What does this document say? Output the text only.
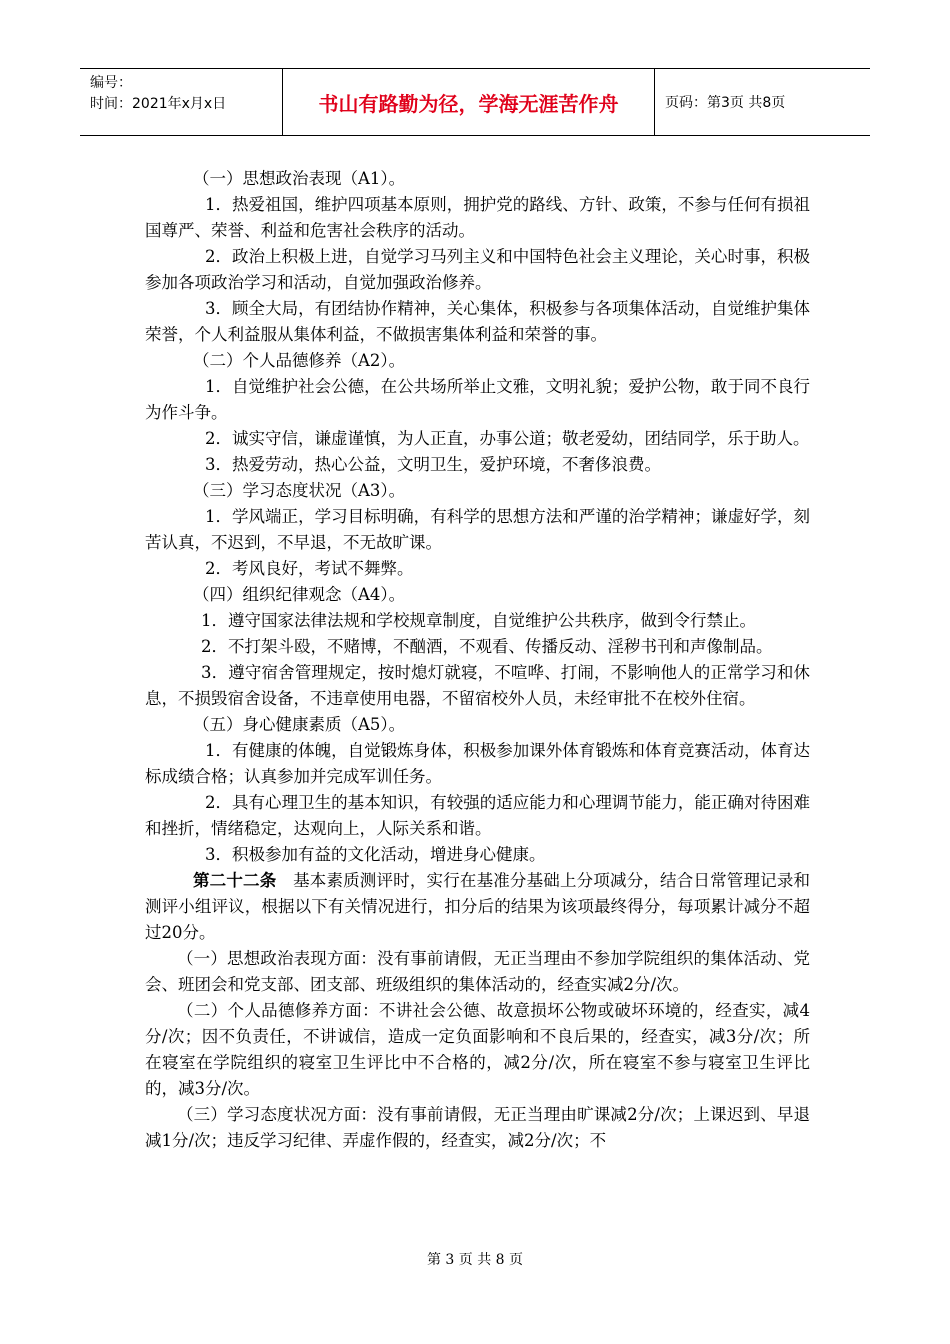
编号：
时间：2021年x月x日	书山有路勤为径，学海无涯苦作舟	页码：第3页 共8页

（一）思想政治表现（A1）。

1．热爱祖国，维护四项基本原则，拥护党的路线、方针、政策，不参与任何有损祖国尊严、荣誉、利益和危害社会秩序的活动。

2．政治上积极上进，自觉学习马列主义和中国特色社会主义理论，关心时事，积极参加各项政治学习和活动，自觉加强政治修养。

3．顾全大局，有团结协作精神，关心集体，积极参与各项集体活动，自觉维护集体荣誉，个人利益服从集体利益，不做损害集体利益和荣誉的事。

（二）个人品德修养（A2）。

1．自觉维护社会公德，在公共场所举止文雅，文明礼貌；爱护公物，敢于同不良行为作斗争。

2．诚实守信，谦虚谨慎，为人正直，办事公道；敬老爱幼，团结同学，乐于助人。

3．热爱劳动，热心公益，文明卫生，爱护环境，不奢侈浪费。

（三）学习态度状况（A3）。

1．学风端正，学习目标明确，有科学的思想方法和严谨的治学精神；谦虚好学，刻苦认真，不迟到，不早退，不无故旷课。

2．考风良好，考试不舞弊。

（四）组织纪律观念（A4）。

1．遵守国家法律法规和学校规章制度，自觉维护公共秩序，做到令行禁止。

2．不打架斗殴，不赌博，不酗酒，不观看、传播反动、淫秽书刊和声像制品。

3．遵守宿舍管理规定，按时熄灯就寝，不喧哗、打闹，不影响他人的正常学习和休息，不损毁宿舍设备，不违章使用电器，不留宿校外人员，未经审批不在校外住宿。

（五）身心健康素质（A5）。

1．有健康的体魄，自觉锻炼身体，积极参加课外体育锻炼和体育竞赛活动，体育达标成绩合格；认真参加并完成军训任务。

2．具有心理卫生的基本知识，有较强的适应能力和心理调节能力，能正确对待困难和挫折，情绪稳定，达观向上，人际关系和谐。

3．积极参加有益的文化活动，增进身心健康。

第二十二条　基本素质测评时，实行在基准分基础上分项减分，结合日常管理记录和测评小组评议，根据以下有关情况进行，扣分后的结果为该项最终得分，每项累计减分不超过20分。

（一）思想政治表现方面：没有事前请假，无正当理由不参加学院组织的集体活动、党会、班团会和党支部、团支部、班级组织的集体活动的，经查实减2分/次。

（二）个人品德修养方面：不讲社会公德、故意损坏公物或破坏环境的，经查实，减4分/次；因不负责任，不讲诚信，造成一定负面影响和不良后果的，经查实，减3分/次；所在寝室在学院组织的寝室卫生评比中不合格的，减2分/次，所在寝室不参与寝室卫生评比的，减3分/次。

（三）学习态度状况方面：没有事前请假，无正当理由旷课减2分/次；上课迟到、早退减1分/次；违反学习纪律、弄虚作假的，经查实，减2分/次；不

第 3 页 共 8 页
